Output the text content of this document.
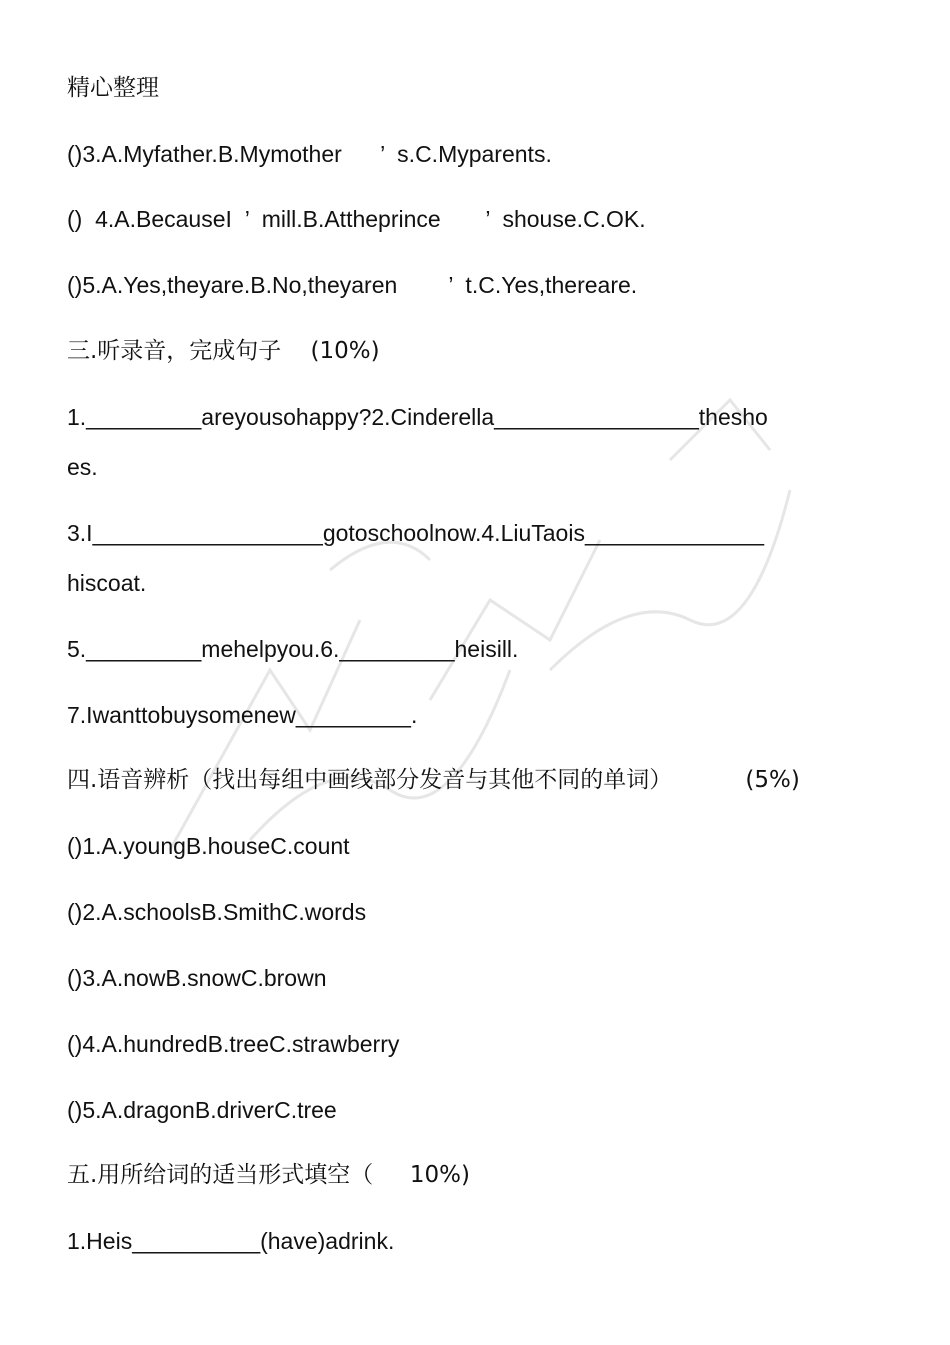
精心整理
()3.A.Myfather.B.Mymother      ’  s.C.Myparents.
()  4.A.BecauseI  ’  mill.B.Attheprince       ’  shouse.C.OK.
()5.A.Yes,theyare.B.No,theyaren        ’  t.C.Yes,thereare.
三.听录音，完成句子    (10%)
1._________areyousohappy?2.Cinderella________________thesho
es.
3.I__________________gotoschoolnow.4.LiuTaois______________
hiscoat.
5._________mehelpyou.6._________heisill.
7.Iwanttobuysomenew_________.
四.语音辨析（找出每组中画线部分发音与其他不同的单词）          (5%)
()1.A.youngB.houseC.count
()2.A.schoolsB.SmithC.words
()3.A.nowB.snowC.brown
()4.A.hundredB.treeC.strawberry
()5.A.dragonB.driverC.tree
五.用所给词的适当形式填空（     10%)
1.Heis__________(have)adrink.
